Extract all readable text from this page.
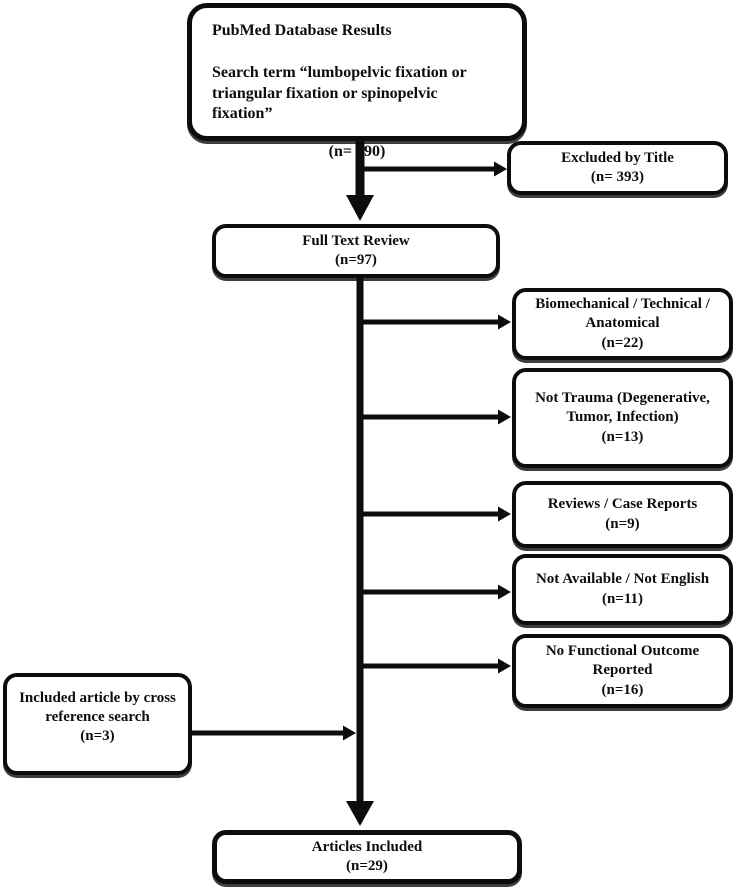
PubMed Database Results
Search term “lumbopelvic fixation or triangular fixation or spinopelvic fixation”
(n= 490)	Excluded by Title
(n= 393)
Full Text Review
(n=97)
Biomechanical / Technical / Anatomical
(n=22)
Not Trauma (Degenerative, Tumor, Infection)
(n=13)
Reviews / Case Reports
(n=9)
Not Available / Not English
(n=11)
No Functional Outcome Reported
(n=16)
Included article by cross reference search
(n=3)
Articles Included
(n=29)
